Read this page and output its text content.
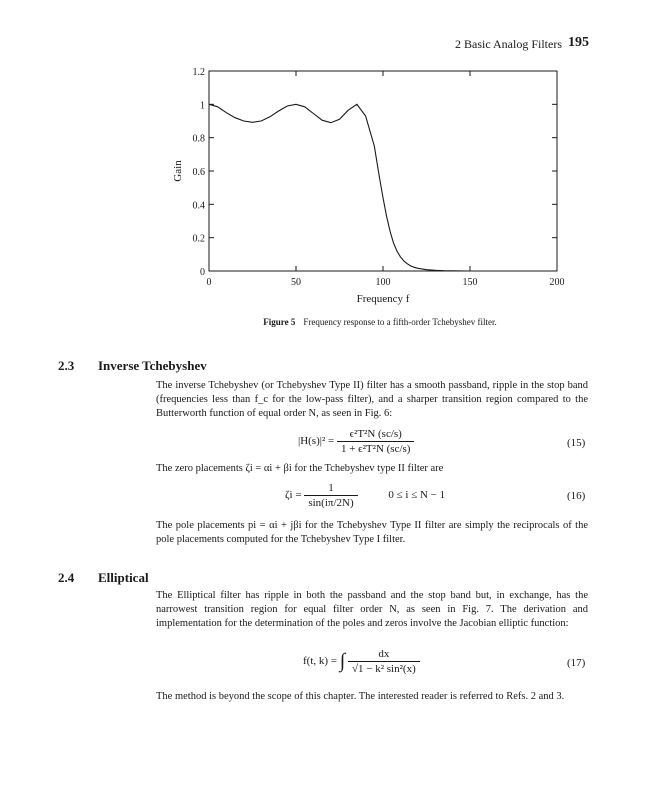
2 Basic Analog Filters 195
0
0.2
0.4
0.6
0.8
1
1.2
0	50	100	150	200
Gain
Frequency f
Figure 5 Frequency response to a fifth-order Tchebyshev filter.
2.3 Inverse Tchebyshev
The inverse Tchebyshev (or Tchebyshev Type II) filter has a smooth passband, ripple in the stop band (frequencies less than f_c for the low-pass filter), and a sharper transition region compared to the Butterworth function of equal order N, as seen in Fig. 6:
$|H(s)|^2 = \frac{\text{ϵ²T²N (sc/s)}}{\text{1 + ϵ²T²N (sc/s)}}$	(15)
The zero placements ζi = αi + βi for the Tchebyshev type II filter are
$\zeta i = \frac{1}{\sin(i\pi/2N)}$	0 ≤ i ≤ N − 1	(16)
The pole placements pi = αi + jβi for the Tchebyshev Type II filter are simply the reciprocals of the pole placements computed for the Tchebyshev Type I filter.
2.4 Elliptical
The Elliptical filter has ripple in both the passband and the stop band but, in exchange, has the narrowest transition region for equal filter order N, as seen in Fig. 7. The derivation and implementation for the determination of the poles and zeros involve the Jacobian elliptic function:
f(t, k) = ∫ $\frac{dx}{\text{√1 − k² sin²(x)}}$	(17)
The method is beyond the scope of this chapter. The interested reader is referred to Refs. 2 and 3.
